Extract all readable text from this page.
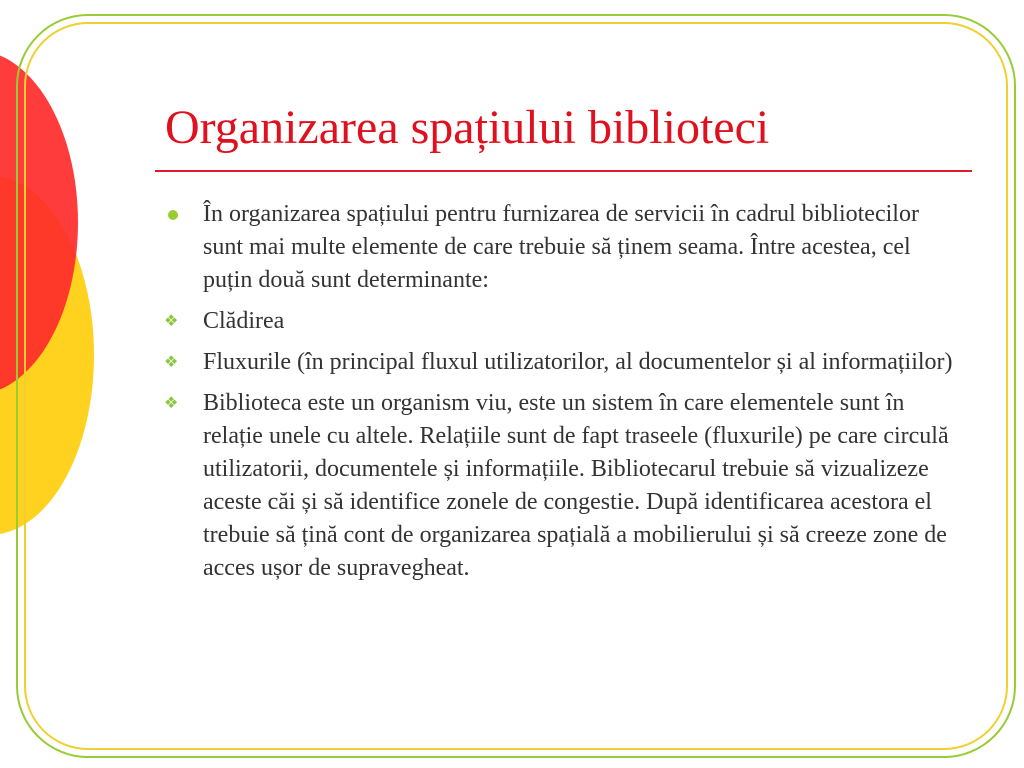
Organizarea spațiului biblioteci
În organizarea spațiului pentru furnizarea de servicii în cadrul bibliotecilor sunt mai multe elemente de care trebuie să ținem seama. Între acestea, cel puțin două sunt determinante:
❖ Clădirea
❖ Fluxurile (în principal fluxul utilizatorilor, al documentelor și al informațiilor)
❖ Biblioteca este un organism viu, este un sistem în care elementele sunt în relație unele cu altele. Relațiile sunt de fapt traseele (fluxurile) pe care circulă utilizatorii, documentele și informațiile. Bibliotecarul trebuie să vizualizeze aceste căi și să identifice zonele de congestie. După identificarea acestora el trebuie să țină cont de organizarea spațială a mobilierului și să creeze zone de acces ușor de supravegheat.
